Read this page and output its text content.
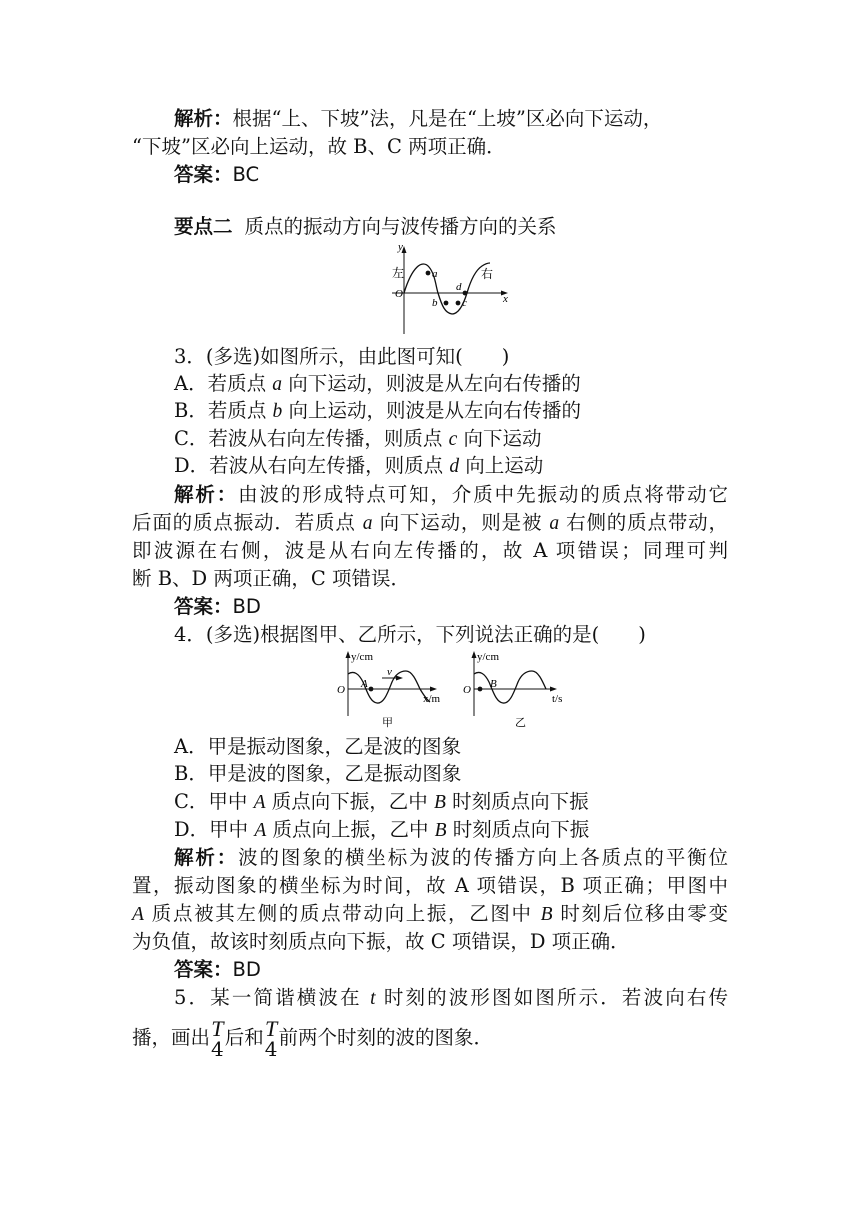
解析：根据“上、下坡”法，凡是在“上坡”区必向下运动，
“下坡”区必向上运动，故 B、C 两项正确．
答案：BC
要点二 质点的振动方向与波传播方向的关系
y
x
O
左	右
a
b c
d
3．(多选)如图所示，由此图可知(　　)
A．若质点 a 向下运动，则波是从左向右传播的
B．若质点 b 向上运动，则波是从左向右传播的
C．若波从右向左传播，则质点 c 向下运动
D．若波从右向左传播，则质点 d 向上运动
解析：由波的形成特点可知，介质中先振动的质点将带动它
后面的质点振动．若质点 a 向下运动，则是被 a 右侧的质点带动，
即波源在右侧，波是从右向左传播的，故 A 项错误；同理可判
断 B、D 两项正确，C 项错误．
答案：BD
4．(多选)根据图甲、乙所示，下列说法正确的是(　　)
y/cm
x/m
O A
v
甲
y/cm
t/s
O B
乙
A．甲是振动图象，乙是波的图象
B．甲是波的图象，乙是振动图象
C．甲中 A 质点向下振，乙中 B 时刻质点向下振
D．甲中 A 质点向上振，乙中 B 时刻质点向下振
解析：波的图象的横坐标为波的传播方向上各质点的平衡位
置，振动图象的横坐标为时间，故 A 项错误，B 项正确；甲图中
A 质点被其左侧的质点带动向上振，乙图中 B 时刻后位移由零变
为负值，故该时刻质点向下振，故 C 项错误，D 项正确．
答案：BD
5．某一简谐横波在 t 时刻的波形图如图所示．若波向右传
播，画出 T
4 后和 T
4 前两个时刻的波的图象．
